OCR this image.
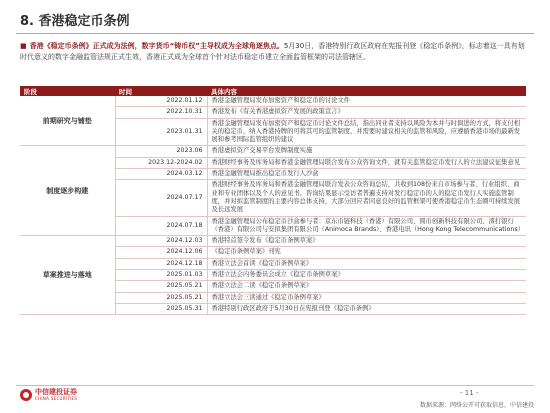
8. 香港稳定币条例
■ 香港《稳定币条例》正式成为法例，数字货币“铸币权”主导权成为全球角逐焦点。5月30日，香港特别行政区政府在宪报刊登《稳定币条例》，标志着这一具有划时代意义的数字金融监管法规正式生效，香港正式成为全球首个针对法币稳定币建立全面监管框架的司法管辖区。
阶段	时间	具体内容
前期研究与铺垫	2022.01.12	香港金融管理局发布加密资产和稳定币的讨论文件
	2022.10.31	香港发布《有关香港虚拟资产发展的政策宣言》
	2023.01.31	香港金融管理局发布加密资产和稳定币讨论文件总结，指出同业者支持以风险为本并与时俱进的方式，将支付相关的稳定币，纳入香港持牌的可将其可的监管制度，并需要时建议相关的监管和风险，应遵循香港市场的最新发展和参考国际监管组织的建议
制度逐步构建	2023.06	香港虚拟资产交易平台发牌制度实施
	2023.12-2024.02	香港财经事务及库务局和香港金融管理局联合发布公众咨询文件，就有关监管稳定币发行人的立法建议征集意见
	2024.03.12	香港金融管理局推出稳定币发行人沙盒
	2024.07.17	香港财经事务及库务局和香港金融管理局联合发表公众咨询总结，共收到108份来自市场参与者、行业组织、商业和专业团体以及个人的意见书。咨询结果显示受访者普遍支持对发行稳定币的人的稳定币发行人实施监管制度，并对拟监管制度的主要内容总体支持，大部分回应者同意良好的监管框架可使香港稳定币生态圈可持续发展及长远发展
	2024.07.18	香港金融管理局公布稳定币沙盒参与者：京东币链科技（香港）有限公司、圆币创新科技有限公司、渣打银行（香港）有限公司与安拟集团有限公司（Animoca Brands）、香港电讯（Hong Kong Telecommunications）
草案推进与落地	2024.12.03	香港特首签令发布《稳定币条例草案》
	2024.12.06	《稳定币条例草案》刊宪
	2024.12.18	香港立法会首读《稳定币条例草案》
	2025.01.03	香港立法会内务委员会成立《稳定币条例草案》
	2025.05.21	香港立法会二读《稳定币条例草案》
	2025.05.21	香港立法会三读通过《稳定币条例草案》
	2025.05.31	香港特别行政区政府于5月30日在宪报刊登《稳定币条例》
中信建投证券
CHINA SECURITIES
- 11 -
数据来源：网络公开可获取信息，中信建投
